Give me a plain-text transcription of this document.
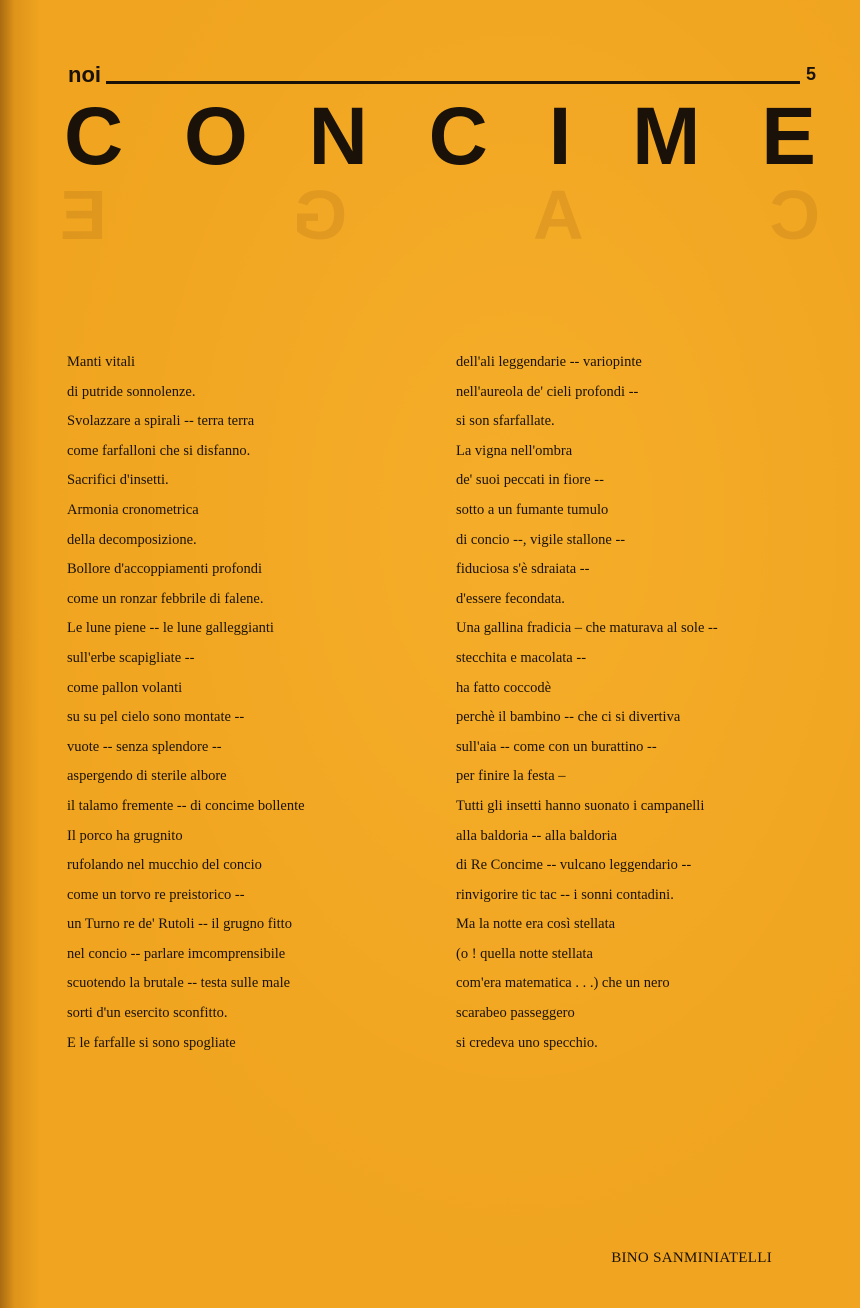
noi	5
C
A
G
E
C O N C I M E
Manti vitali
di putride sonnolenze.
Svolazzare a spirali -- terra terra
come farfalloni che si disfanno.
Sacrifici d'insetti.
Armonia cronometrica
della decomposizione.
Bollore d'accoppiamenti profondi
come un ronzar febbrile di falene.
Le lune piene -- le lune galleggianti
sull'erbe scapigliate --
come pallon volanti
su su pel cielo sono montate --
vuote -- senza splendore --
aspergendo di sterile albore
il talamo fremente -- di concime bollente
Il porco ha grugnito
rufolando nel mucchio del concio
come un torvo re preistorico --
un Turno re de' Rutoli -- il grugno fitto
nel concio -- parlare imcomprensibile
scuotendo la brutale -- testa sulle male
sorti d'un esercito sconfitto.
E le farfalle si sono spogliate
dell'ali leggendarie -- variopinte
nell'aureola de' cieli profondi --
si son sfarfallate.
La vigna nell'ombra
de' suoi peccati in fiore --
sotto a un fumante tumulo
di concio --, vigile stallone --
fiduciosa s'è sdraiata --
d'essere fecondata.
Una gallina fradicia – che maturava al sole --
stecchita e macolata --
ha fatto coccodè
perchè il bambino -- che ci si divertiva
sull'aia -- come con un burattino --
per finire la festa –
Tutti gli insetti hanno suonato i campanelli
alla baldoria -- alla baldoria
di Re Concime -- vulcano leggendario --
rinvigorire tic tac -- i sonni contadini.
Ma la notte era così stellata
(o ! quella notte stellata
com'era matematica . . .) che un nero
scarabeo passeggero
si credeva uno specchio.
BINO SANMINIATELLI
